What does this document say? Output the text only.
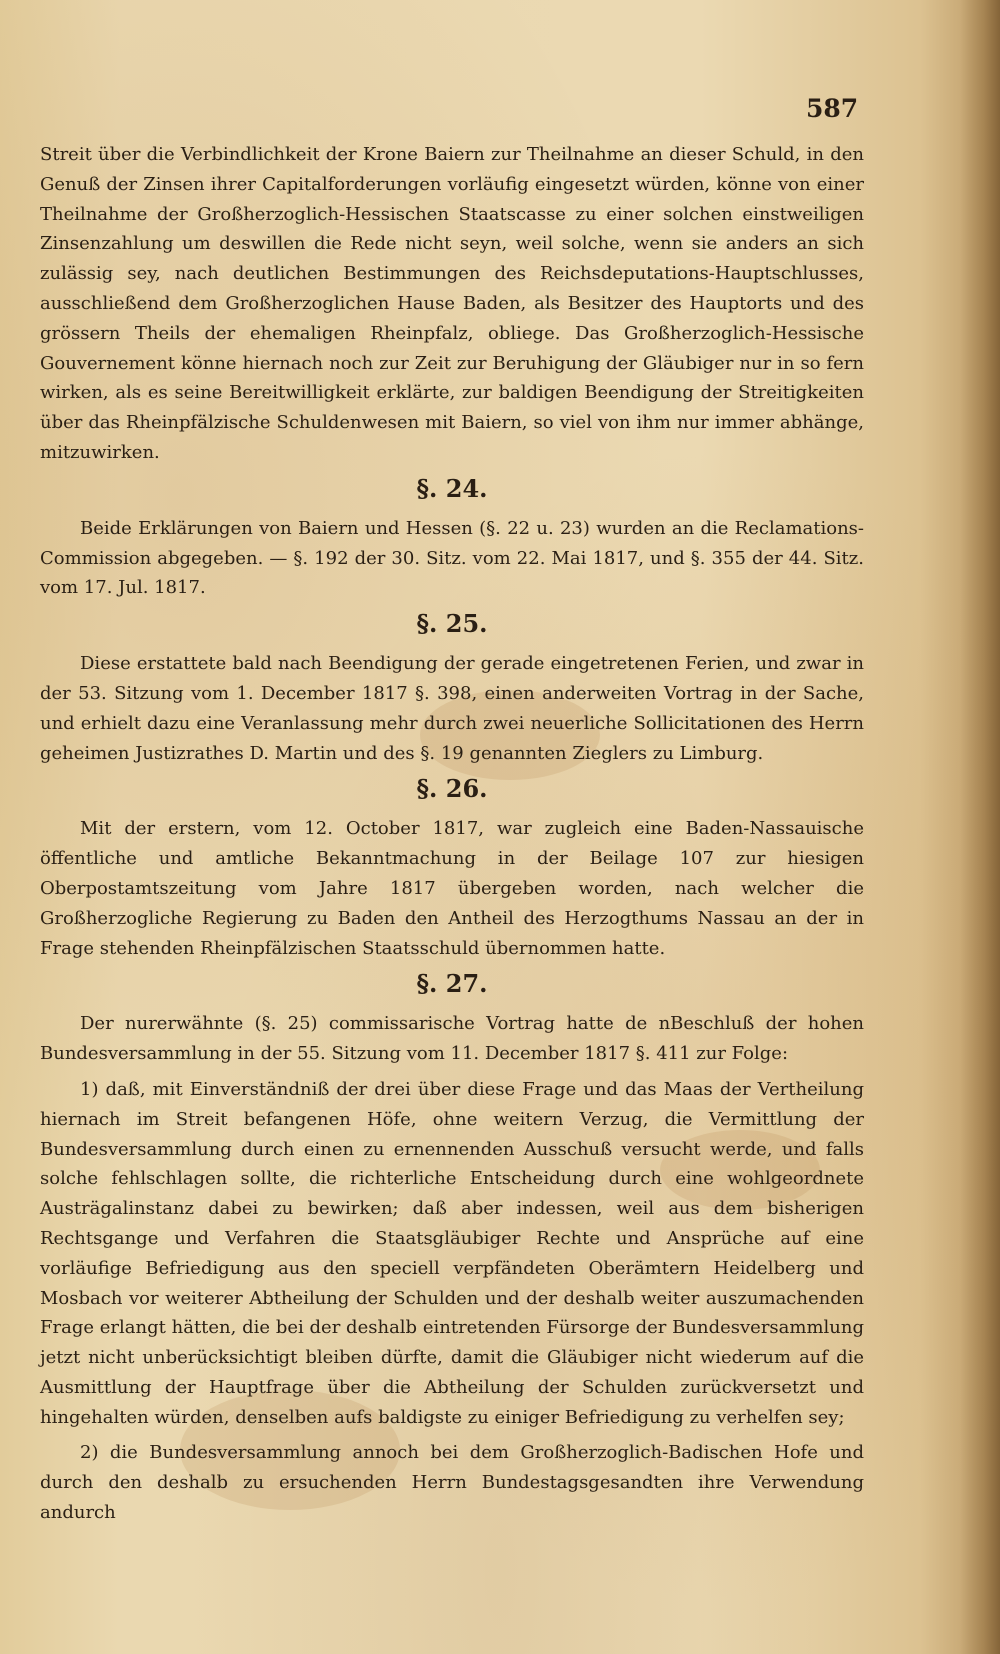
587

Streit über die Verbindlichkeit der Krone Baiern zur Theilnahme an dieser Schuld, in den Genuß der Zinsen ihrer Capitalforderungen vorläufig eingesetzt würden, könne von einer Theilnahme der Großherzoglich-Hessischen Staatscasse zu einer solchen einstweiligen Zinsenzahlung um deswillen die Rede nicht seyn, weil solche, wenn sie anders an sich zulässig sey, nach deutlichen Bestimmungen des Reichsdeputations-Hauptschlusses, ausschließend dem Großherzoglichen Hause Baden, als Besitzer des Hauptorts und des grössern Theils der ehemaligen Rheinpfalz, obliege. Das Großherzoglich-Hessische Gouvernement könne hiernach noch zur Zeit zur Beruhigung der Gläubiger nur in so fern wirken, als es seine Bereitwilligkeit erklärte, zur baldigen Beendigung der Streitigkeiten über das Rheinpfälzische Schuldenwesen mit Baiern, so viel von ihm nur immer abhänge, mitzuwirken.

§. 24.

Beide Erklärungen von Baiern und Hessen (§. 22 u. 23) wurden an die Reclamations-Commission abgegeben. — §. 192 der 30. Sitz. vom 22. Mai 1817, und §. 355 der 44. Sitz. vom 17. Jul. 1817.

§. 25.

Diese erstattete bald nach Beendigung der gerade eingetretenen Ferien, und zwar in der 53. Sitzung vom 1. December 1817 §. 398, einen anderweiten Vortrag in der Sache, und erhielt dazu eine Veranlassung mehr durch zwei neuerliche Sollicitationen des Herrn geheimen Justizrathes D. Martin und des §. 19 genannten Zieglers zu Limburg.

§. 26.

Mit der erstern, vom 12. October 1817, war zugleich eine Baden-Nassauische öffentliche und amtliche Bekanntmachung in der Beilage 107 zur hiesigen Oberpostamtszeitung vom Jahre 1817 übergeben worden, nach welcher die Großherzogliche Regierung zu Baden den Antheil des Herzogthums Nassau an der in Frage stehenden Rheinpfälzischen Staatsschuld übernommen hatte.

§. 27.

Der nurerwähnte (§. 25) commissarische Vortrag hatte de nBeschluß der hohen Bundesversammlung in der 55. Sitzung vom 11. December 1817 §. 411 zur Folge:

1) daß, mit Einverständniß der drei über diese Frage und das Maas der Vertheilung hiernach im Streit befangenen Höfe, ohne weitern Verzug, die Vermittlung der Bundesversammlung durch einen zu ernennenden Ausschuß versucht werde, und falls solche fehlschlagen sollte, die richterliche Entscheidung durch eine wohlgeordnete Austrägalinstanz dabei zu bewirken; daß aber indessen, weil aus dem bisherigen Rechtsgange und Verfahren die Staatsgläubiger Rechte und Ansprüche auf eine vorläufige Befriedigung aus den speciell verpfändeten Oberämtern Heidelberg und Mosbach vor weiterer Abtheilung der Schulden und der deshalb weiter auszumachenden Frage erlangt hätten, die bei der deshalb eintretenden Fürsorge der Bundesversammlung jetzt nicht unberücksichtigt bleiben dürfte, damit die Gläubiger nicht wiederum auf die Ausmittlung der Hauptfrage über die Abtheilung der Schulden zurückversetzt und hingehalten würden, denselben aufs baldigste zu einiger Befriedigung zu verhelfen sey;

2) die Bundesversammlung annoch bei dem Großherzoglich-Badischen Hofe und durch den deshalb zu ersuchenden Herrn Bundestagsgesandten ihre Verwendung andurch
